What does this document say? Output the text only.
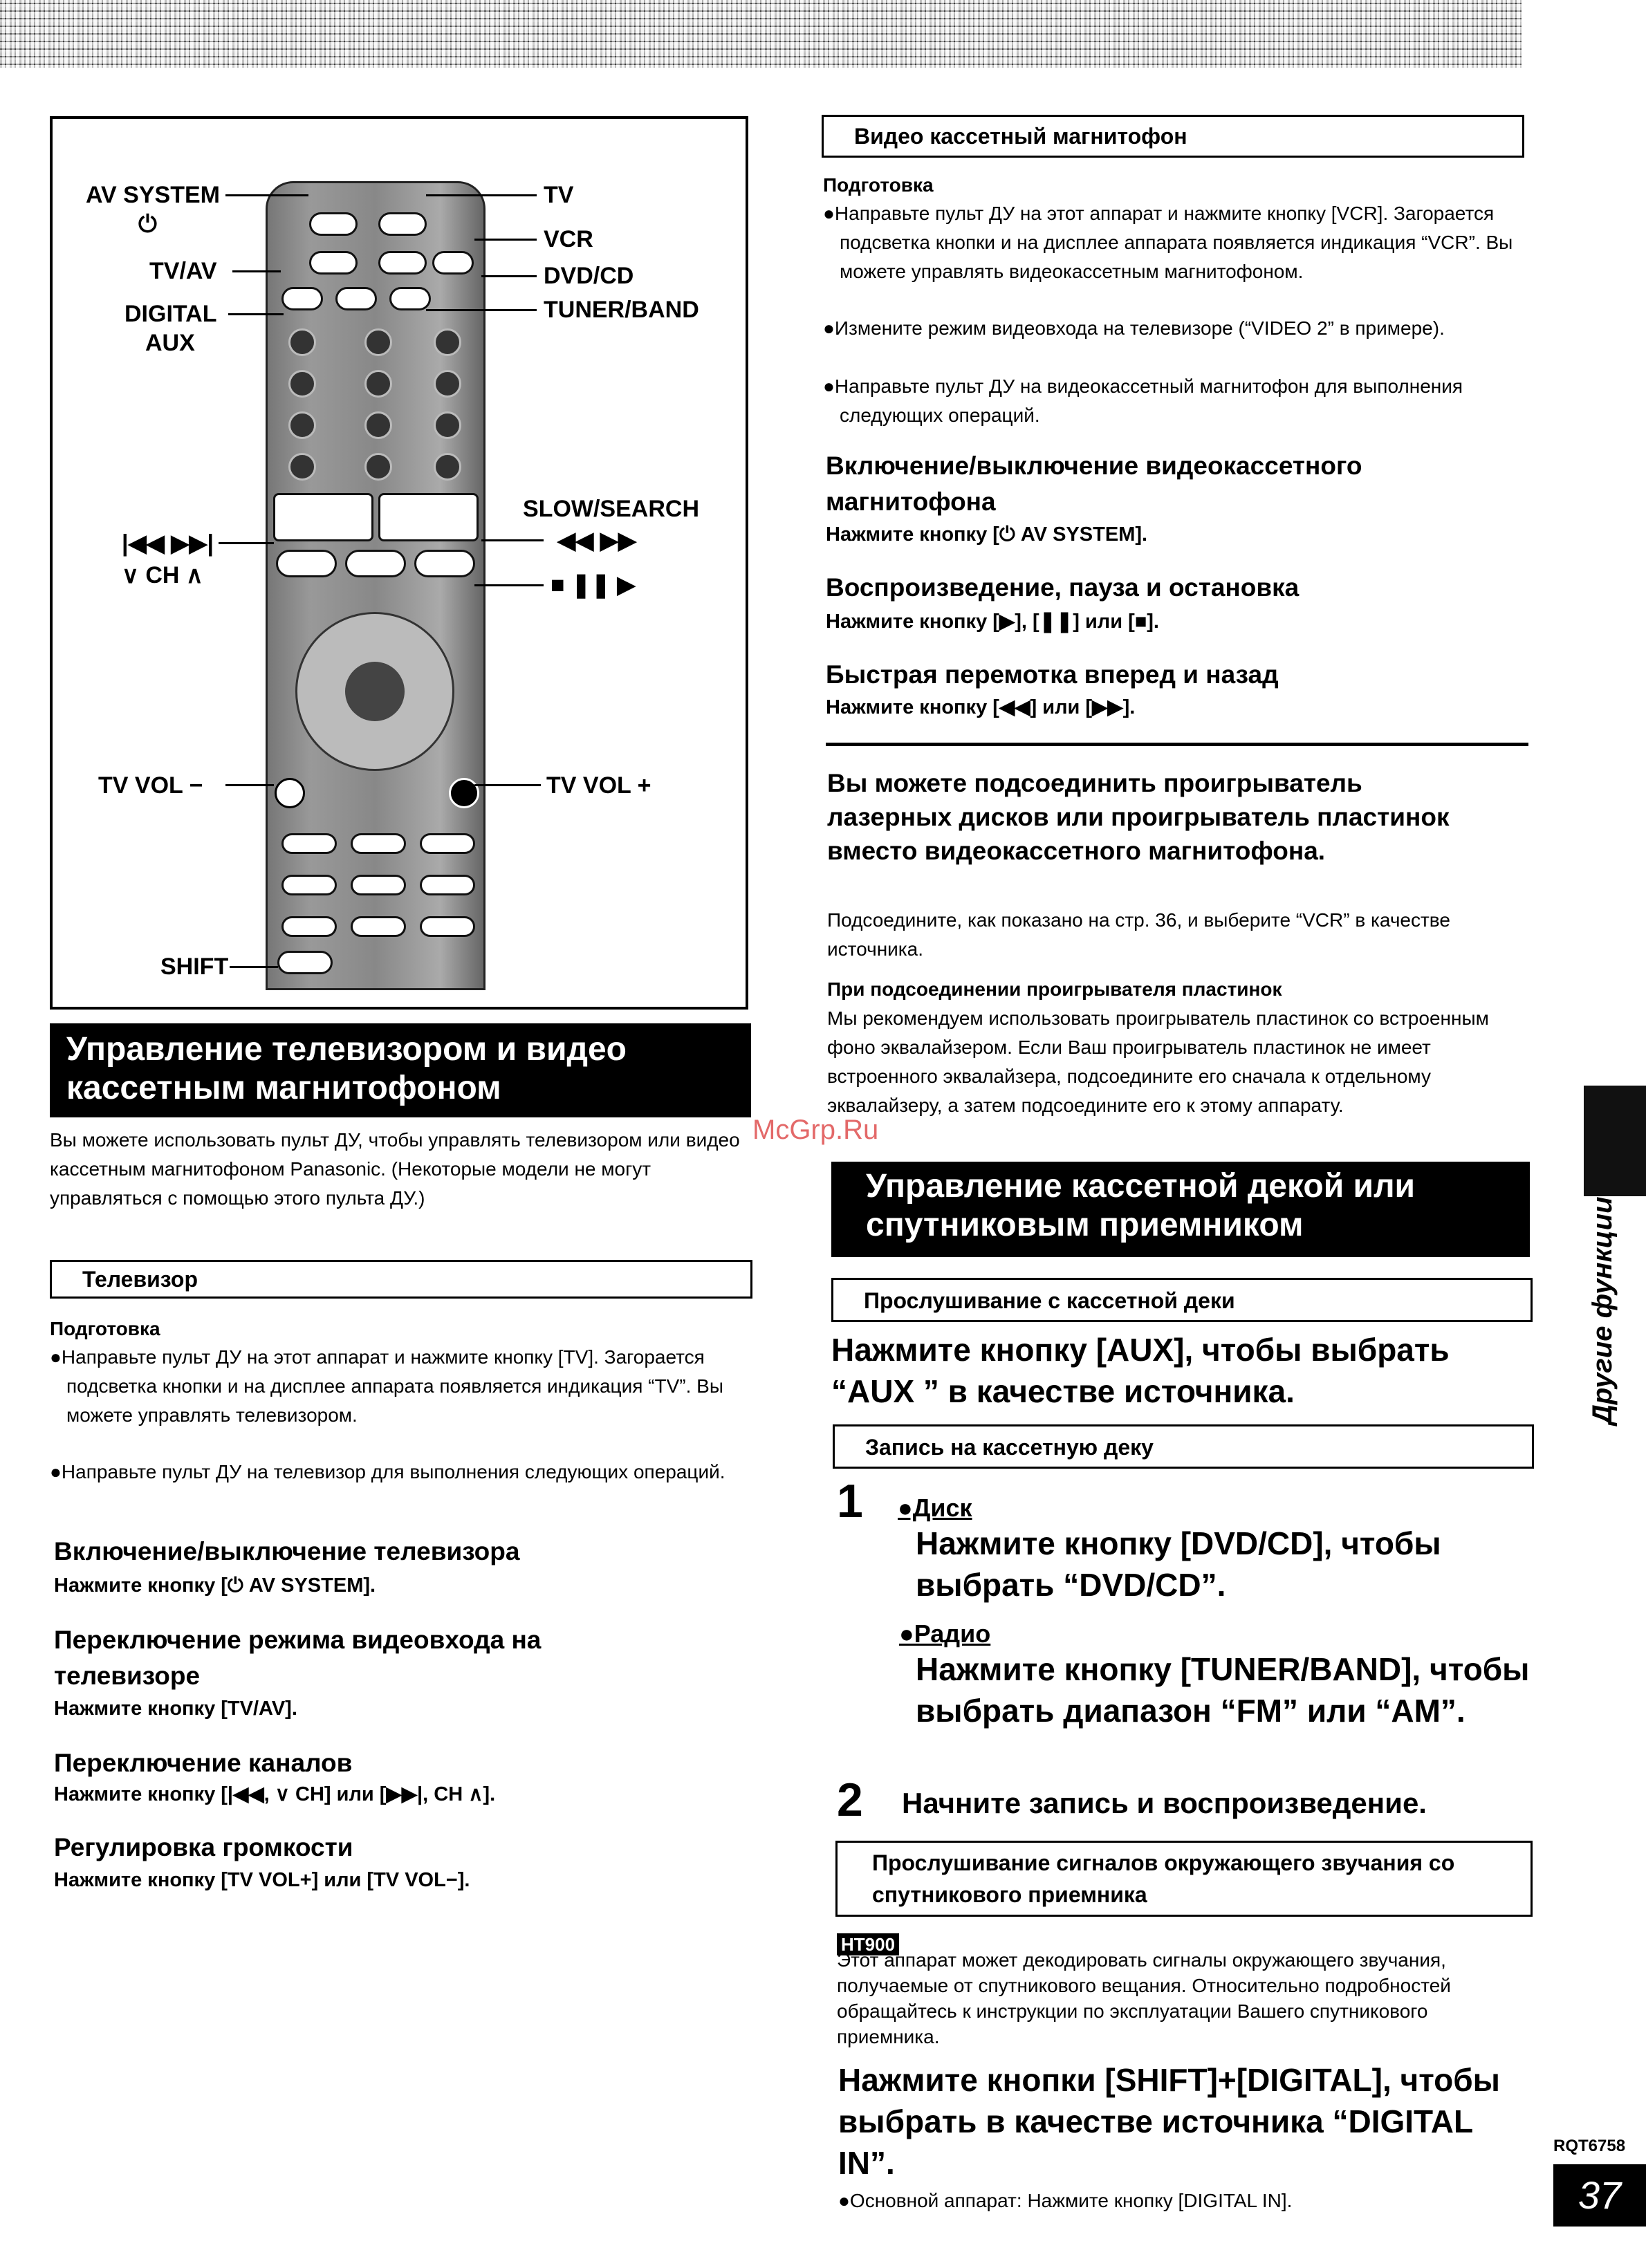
AV SYSTEM
⏻
TV/AV
DIGITAL
AUX
TV
VCR
DVD/CD
TUNER/BAND
SLOW/SEARCH
◀◀ ▶▶
|◀◀ ▶▶|
∨ CH ∧	■ ❚❚ ▶
TV VOL −	TV VOL +
SHIFT
Управление телевизором и видео кассетным магнитофоном
Вы можете использовать пульт ДУ, чтобы управлять телевизором или видео кассетным магнитофоном Panasonic. (Некоторые модели не могут управляться с помощью этого пульта ДУ.)
Телевизор
Подготовка
●Направьте пульт ДУ на этот аппарат и нажмите кнопку [TV]. Загорается подсветка кнопки и на дисплее аппарата появляется индикация “TV”. Вы можете управлять телевизором.
●Направьте пульт ДУ на телевизор для выполнения следующих операций.
Включение/выключение телевизора
Нажмите кнопку [⏻ AV SYSTEM].
Переключение режима видеовхода на телевизоре
Нажмите кнопку [TV/AV].
Переключение каналов
Нажмите кнопку [|◀◀, ∨ CH] или [▶▶|, CH ∧].
Регулировка громкости
Нажмите кнопку [TV VOL+] или [TV VOL−].
Видео кассетный магнитофон
Подготовка
●Направьте пульт ДУ на этот аппарат и нажмите кнопку [VCR]. Загорается подсветка кнопки и на дисплее аппарата появляется индикация “VCR”. Вы можете управлять видеокассетным магнитофоном.
●Измените режим видеовхода на телевизоре (“VIDEO 2” в примере).
●Направьте пульт ДУ на видеокассетный магнитофон для выполнения следующих операций.
Включение/выключение видеокассетного магнитофона
Нажмите кнопку [⏻ AV SYSTEM].
Воспроизведение, пауза и остановка
Нажмите кнопку [▶], [❚❚] или [■].
Быстрая перемотка вперед и назад
Нажмите кнопку [◀◀] или [▶▶].
Вы можете подсоединить проигрыватель лазерных дисков или проигрыватель пластинок вместо видеокассетного магнитофона.
Подсоедините, как показано на стр. 36, и выберите “VCR” в качестве источника.
При подсоединении проигрывателя пластинок
Мы рекомендуем использовать проигрыватель пластинок со встроенным фоно эквалайзером. Если Ваш проигрыватель пластинок не имеет встроенного эквалайзера, подсоедините его сначала к отдельному эквалайзеру, а затем подсоедините его к этому аппарату.
McGrp.Ru
Управление кассетной декой или спутниковым приемником
Прослушивание с кассетной деки
Нажмите кнопку [AUX], чтобы выбрать “AUX ” в качестве источника.
Запись на кассетную деку
1 ●Диск
Нажмите кнопку [DVD/CD], чтобы выбрать “DVD/CD”.
●Радио
Нажмите кнопку [TUNER/BAND], чтобы выбрать диапазон “FM” или “AM”.
2 Начните запись и воспроизведение.
Прослушивание сигналов окружающего звучания со спутникового приемника
HT900
Этот аппарат может декодировать сигналы окружающего звучания, получаемые от спутникового вещания. Относительно подробностей обращайтесь к инструкции по эксплуатации Вашего спутникового приемника.
Нажмите кнопки [SHIFT]+[DIGITAL], чтобы выбрать в качестве источника “DIGITAL IN”.
●Основной аппарат: Нажмите кнопку [DIGITAL IN].
Другие функции
RQT6758
37
